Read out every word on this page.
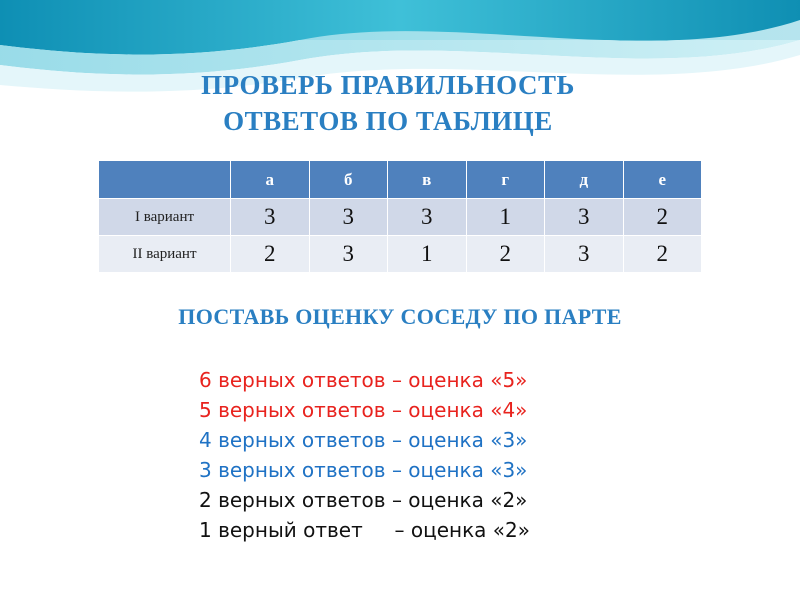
ПРОВЕРЬ ПРАВИЛЬНОСТЬ
ОТВЕТОВ ПО ТАБЛИЦЕ
	а	б	в	г	д	е
I вариант	3	3	3	1	3	2
II вариант	2	3	1	2	3	2
ПОСТАВЬ ОЦЕНКУ СОСЕДУ ПО ПАРТЕ
6 верных ответов – оценка «5»
5 верных ответов – оценка «4»
4 верных ответов – оценка «3»
3 верных ответов – оценка «3»
2 верных ответов – оценка «2»
1 верный ответ     – оценка «2»
